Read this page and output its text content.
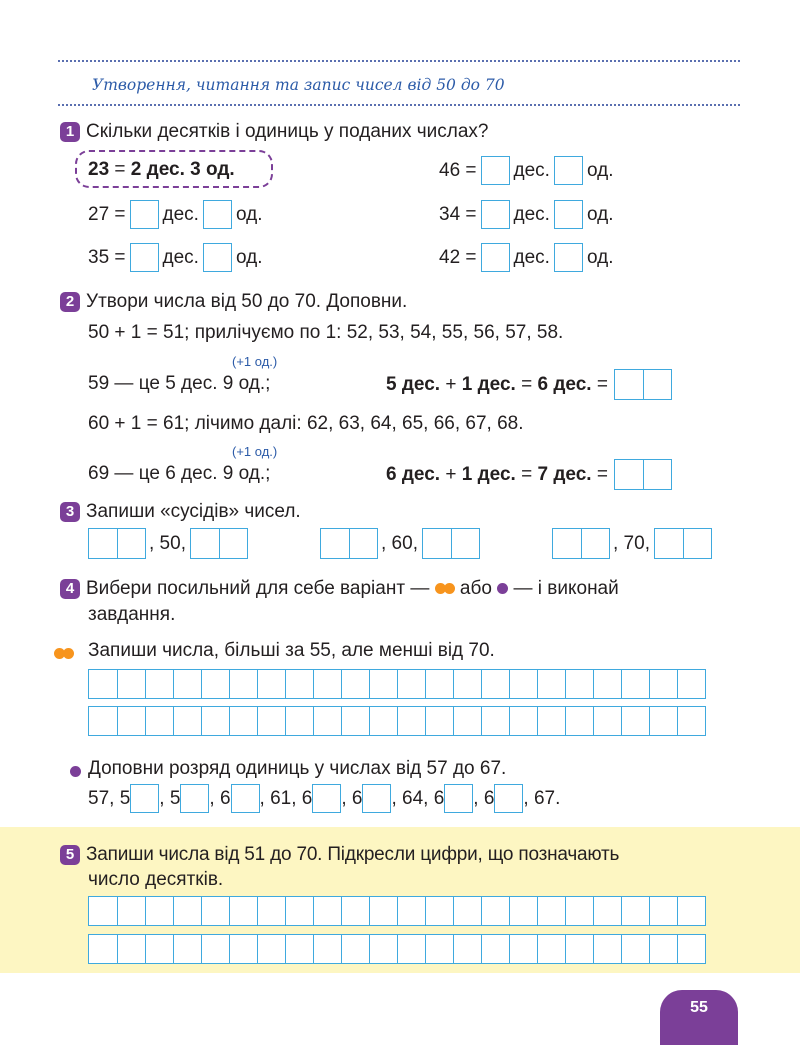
Утворення, читання та запис чисел від 50 до 70
1 Скільки десятків і одиниць у поданих числах?
23 = 2 дес. 3 од.	46 = дес. од.
27 = дес. од.	34 = дес. од.
35 = дес. од.	42 = дес. од.
2 Утвори числа від 50 до 70. Доповни.
50 + 1 = 51; прилічуємо по 1: 52, 53, 54, 55, 56, 57, 58.
(+1 од.)
59 — це 5 дес. 9 од.;	5 дес. + 1 дес. = 6 дес. =
60 + 1 = 61; лічимо далі: 62, 63, 64, 65, 66, 67, 68.
(+1 од.)
69 — це 6 дес. 9 од.;	6 дес. + 1 дес. = 7 дес. =
3 Запиши «сусідів» чисел.
, 50,	, 60,	, 70,
4 Вибери посильний для себе варіант — або — і виконай
завдання.
Запиши числа, більші за 55, але менші від 70.
Доповни розряд одиниць у числах від 57 до 67.
57, 5 , 5 , 6 , 61, 6 , 6 , 64, 6 , 6 , 67.
5 Запиши числа від 51 до 70. Підкресли цифри, що позначають
число десятків.
55
